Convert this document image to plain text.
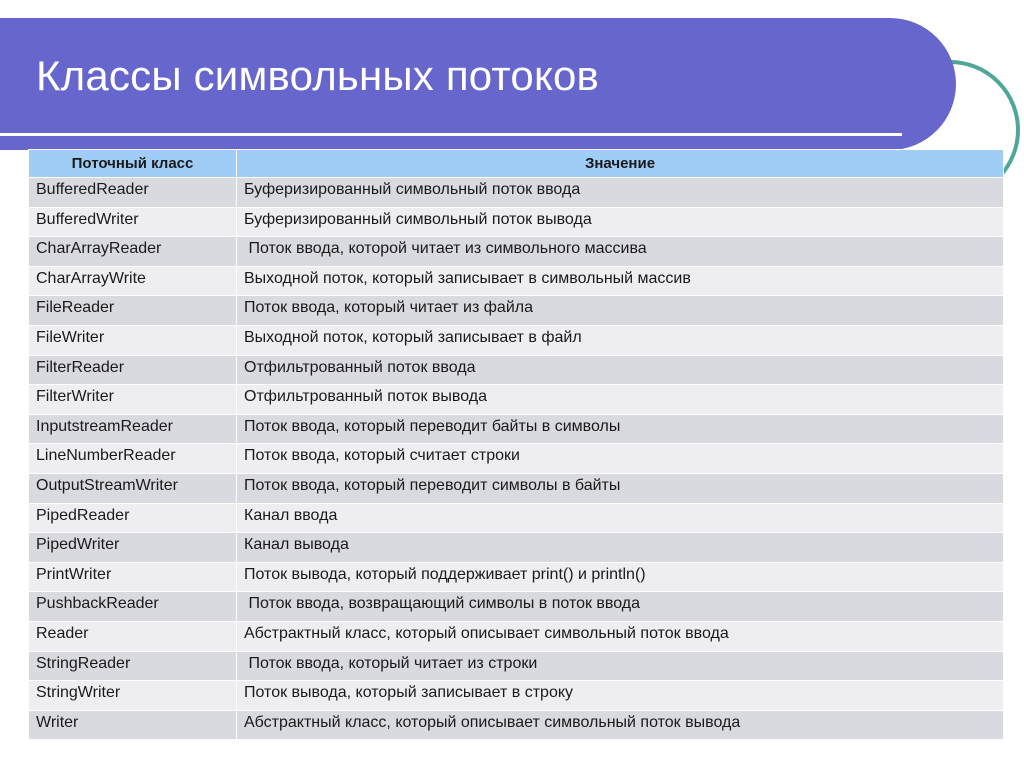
Классы символьных потоков
Поточный класс	Значение
BufferedReader	Буферизированный символьный поток ввода
BufferedWriter	Буферизированный символьный поток вывода
CharArrayReader	Поток ввода, которой читает из символьного массива
CharArrayWrite	Выходной поток, который записывает в символьный массив
FileReader	Поток ввода, который читает из файла
FileWriter	Выходной поток, который записывает в файл
FilterReader	Отфильтрованный поток ввода
FilterWriter	Отфильтрованный поток вывода
InputstreamReader	Поток ввода, который переводит байты в символы
LineNumberReader	Поток ввода, который считает строки
OutputStreamWriter	Поток ввода, который переводит символы в байты
PipedReader	Канал ввода
PipedWriter	Канал вывода
PrintWriter	Поток вывода, который поддерживает print() и println()
PushbackReader	Поток ввода, возвращающий символы в поток ввода
Reader	Абстрактный класс, который описывает символьный поток ввода
StringReader	Поток ввода, который читает из строки
StringWriter	Поток вывода, который записывает в строку
Writer	Абстрактный класс, который описывает символьный поток вывода
